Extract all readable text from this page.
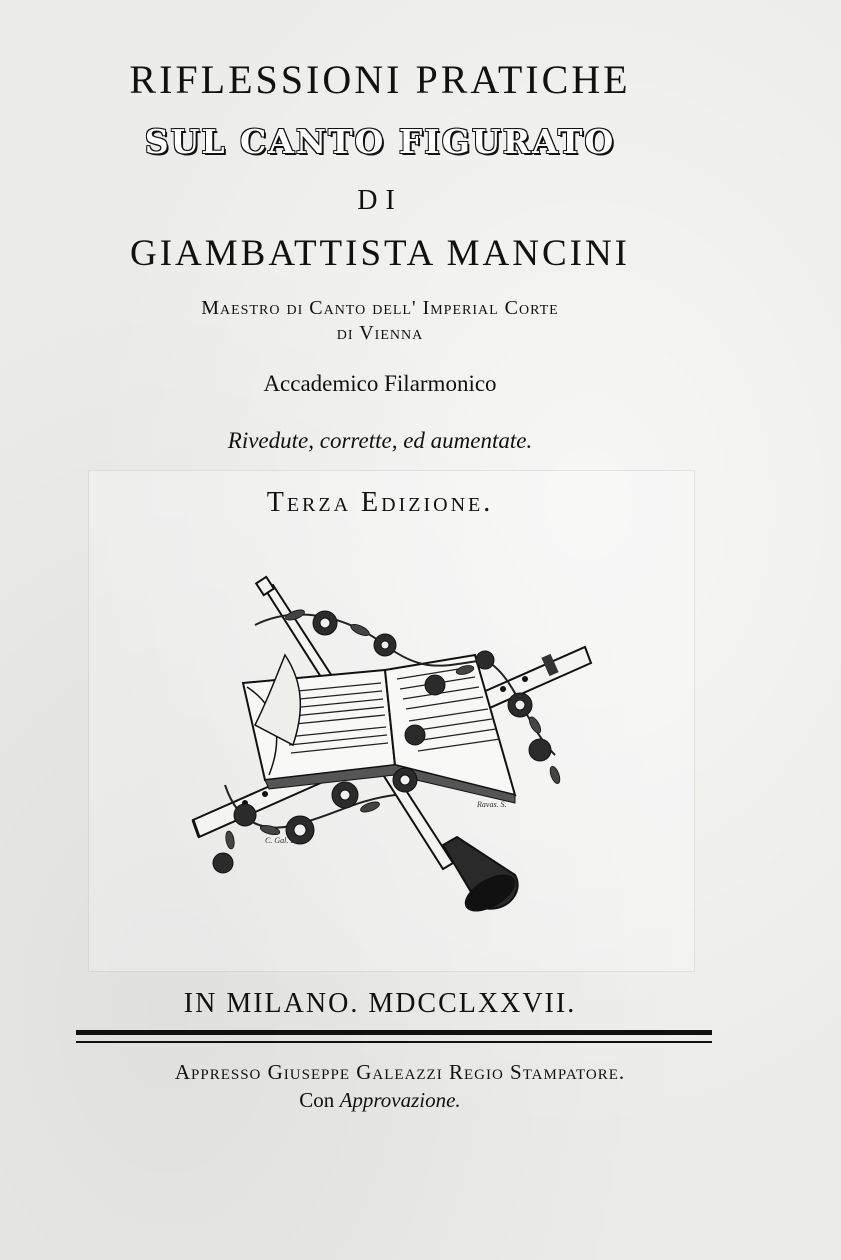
RIFLESSIONI PRATICHE
SUL CANTO FIGURATO
DI
GIAMBATTISTA MANCINI
Maestro di Canto dell' Imperial Corte
di Vienna
Accademico Filarmonico
Rivedute, corrette, ed aumentate.
Terza Edizione.
C. Gal. D.
Ravas. S.
IN MILANO. MDCCLXXVII.
Appresso Giuseppe Galeazzi Regio Stampatore.
Con Approvazione.
